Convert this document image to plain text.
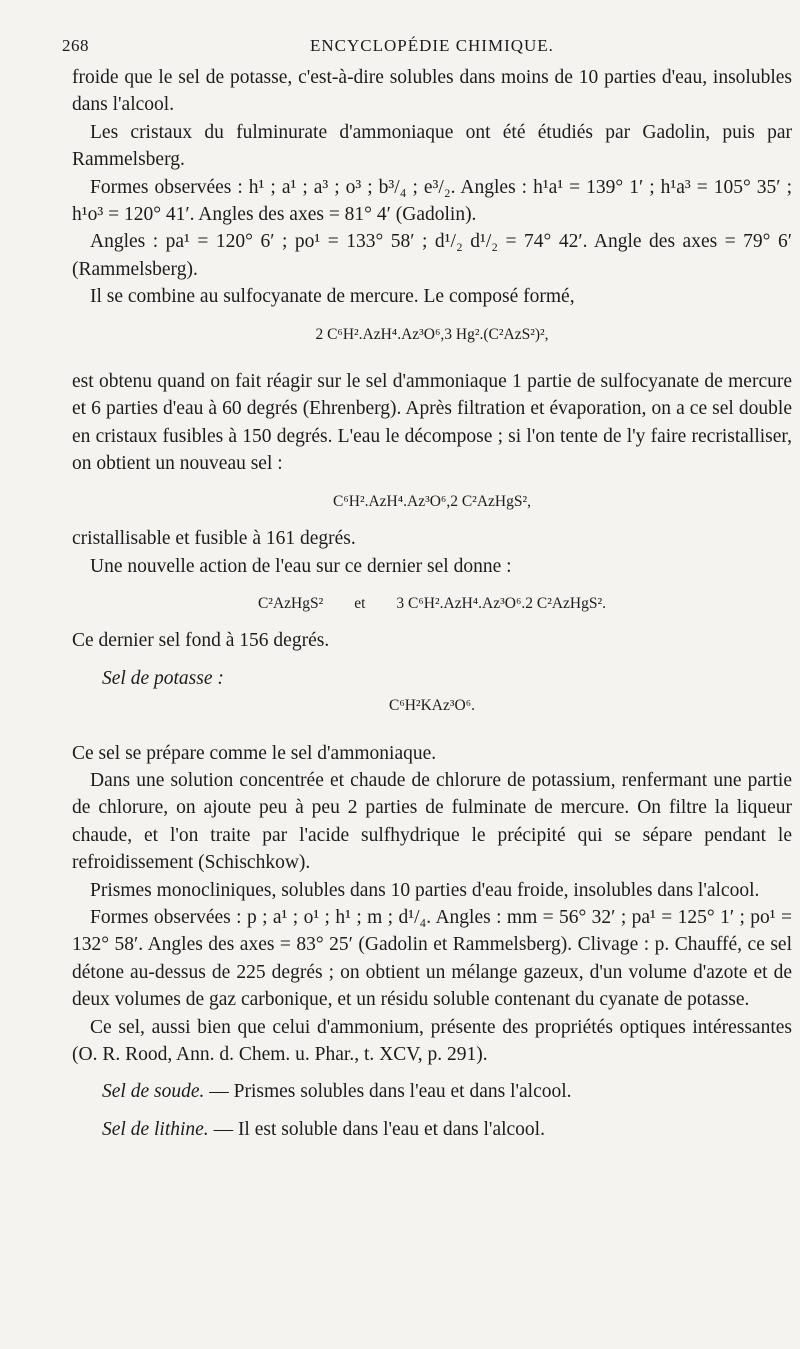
268	ENCYCLOPÉDIE CHIMIQUE.

froide que le sel de potasse, c'est-à-dire solubles dans moins de 10 parties d'eau, insolubles dans l'alcool.

Les cristaux du fulminurate d'ammoniaque ont été étudiés par Gadolin, puis par Rammelsberg.

Formes observées : h¹ ; a¹ ; a³ ; o³ ; b³/₄ ; e³/₂. Angles : h¹a¹ = 139° 1′ ; h¹a³ = 105° 35′ ; h¹o³ = 120° 41′. Angles des axes = 81° 4′ (Gadolin).

Angles : pa¹ = 120° 6′ ; po¹ = 133° 58′ ; d¹/₂ d¹/₂ = 74° 42′. Angle des axes = 79° 6′ (Rammelsberg).

Il se combine au sulfocyanate de mercure. Le composé formé,

2 C⁶H².AzH⁴.Az³O⁶,3 Hg².(C²AzS²)²,

est obtenu quand on fait réagir sur le sel d'ammoniaque 1 partie de sulfocyanate de mercure et 6 parties d'eau à 60 degrés (Ehrenberg). Après filtration et évaporation, on a ce sel double en cristaux fusibles à 150 degrés. L'eau le décompose ; si l'on tente de l'y faire recristalliser, on obtient un nouveau sel :

C⁶H².AzH⁴.Az³O⁶,2 C²AzHgS²,

cristallisable et fusible à 161 degrés.

Une nouvelle action de l'eau sur ce dernier sel donne :

C²AzHgS²        et        3 C⁶H².AzH⁴.Az³O⁶.2 C²AzHgS².

Ce dernier sel fond à 156 degrés.

Sel de potasse :

C⁶H²KAz³O⁶.

Ce sel se prépare comme le sel d'ammoniaque.

Dans une solution concentrée et chaude de chlorure de potassium, renfermant une partie de chlorure, on ajoute peu à peu 2 parties de fulminate de mercure. On filtre la liqueur chaude, et l'on traite par l'acide sulfhydrique le précipité qui se sépare pendant le refroidissement (Schischkow).

Prismes monocliniques, solubles dans 10 parties d'eau froide, insolubles dans l'alcool.

Formes observées : p ; a¹ ; o¹ ; h¹ ; m ; d¹/₄. Angles : mm = 56° 32′ ; pa¹ = 125° 1′ ; po¹ = 132° 58′. Angles des axes = 83° 25′ (Gadolin et Rammelsberg). Clivage : p. Chauffé, ce sel détone au-dessus de 225 degrés ; on obtient un mélange gazeux, d'un volume d'azote et de deux volumes de gaz carbonique, et un résidu soluble contenant du cyanate de potasse.

Ce sel, aussi bien que celui d'ammonium, présente des propriétés optiques intéressantes (O. R. Rood, Ann. d. Chem. u. Phar., t. XCV, p. 291).

Sel de soude. — Prismes solubles dans l'eau et dans l'alcool.

Sel de lithine. — Il est soluble dans l'eau et dans l'alcool.
